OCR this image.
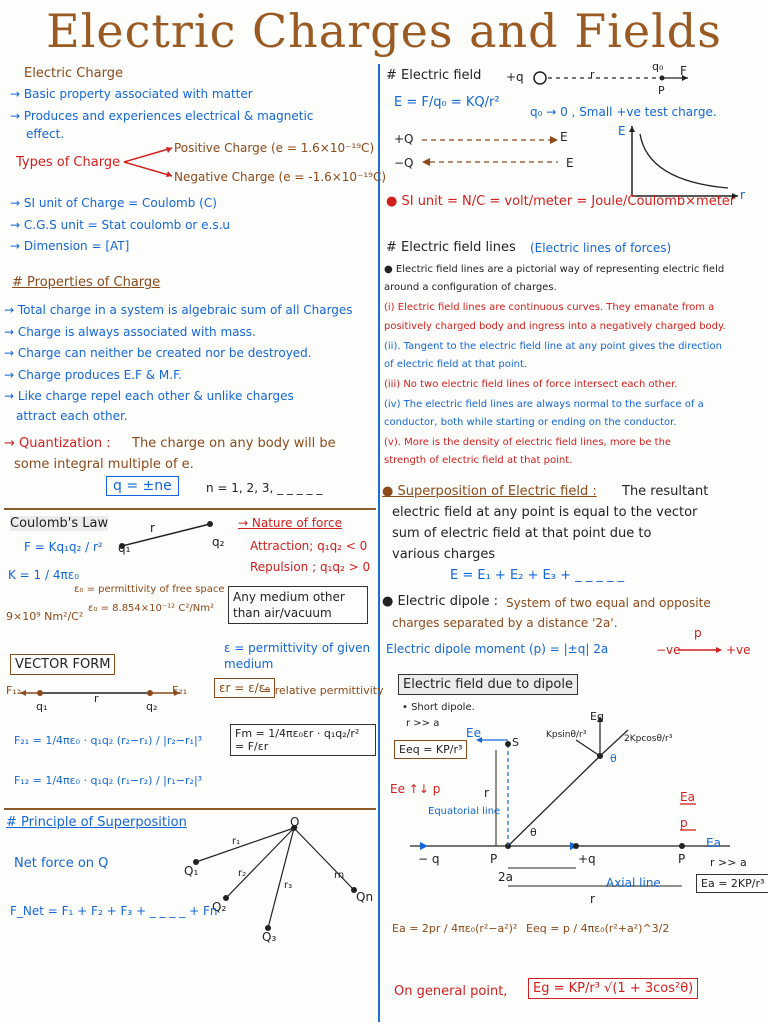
Electric Charges and Fields
Electric Charge
→ Basic property associated with matter
→ Produces and experiences electrical & magnetic
effect.
Types of Charge
Positive Charge (e = 1.6×10⁻¹⁹C)
Negative Charge (e = -1.6×10⁻¹⁹C)
→ SI unit of Charge = Coulomb (C)
→ C.G.S unit = Stat coulomb or e.s.u
→ Dimension = [AT]
# Properties of Charge
→ Total charge in a system is algebraic sum of all Charges
→ Charge is always associated with mass.
→ Charge can neither be created nor be destroyed.
→ Charge produces E.F & M.F.
→ Like charge repel each other & unlike charges
attract each other.
→ Quantization : The charge on any body will be
some integral multiple of e.
q = ±ne	n = 1, 2, 3, _ _ _ _ _
Coulomb's Law
F = Kq₁q₂ / r²
r
q₁	q₂
→ Nature of force
Attraction; q₁q₂ < 0
Repulsion ; q₁q₂ > 0
K = 1 / 4πε₀
ε₀ = permittivity of free space
ε₀ = 8.854×10⁻¹² C²/Nm²
9×10⁹ Nm²/C²
Any medium other than air/vacuum
ε = permittivity of given medium
VECTOR FORM
εr = ε/ε₀
= relative permittivity
F₁₂	F₂₁
q₁
r
q₂
F₂₁ = 1/4πε₀ · q₁q₂ (r₂−r₁) / |r₂−r₁|³
F₁₂ = 1/4πε₀ · q₁q₂ (r₁−r₂) / |r₁−r₂|³
Fm = 1/4πε₀εr · q₁q₂/r² = F/εr
# Principle of Superposition
Net force on Q
Q
Q₁
Q₂
Q₃
Qn
r₁
r₂
r₃
rn
F_Net = F₁ + F₂ + F₃ + _ _ _ _ + Fn
# Electric field +q	r
q₀
P
F
E = F/q₀ = KQ/r²
q₀ → 0 , Small +ve test charge.
+Q
−Q
E
E
E
r
● SI unit = N/C = volt/meter = Joule/Coulomb×meter
# Electric field lines (Electric lines of forces)
● Electric field lines are a pictorial way of representing electric field
around a configuration of charges.
(i) Electric field lines are continuous curves. They emanate from a
positively charged body and ingress into a negatively charged body.
(ii). Tangent to the electric field line at any point gives the direction
of electric field at that point.
(iii) No two electric field lines of force intersect each other.
(iv) The electric field lines are always normal to the surface of a
conductor, both while starting or ending on the conductor.
(v). More is the density of electric field lines, more be the
strength of electric field at that point.
● Superposition of Electric field : The resultant
electric field at any point is equal to the vector
sum of electric field at that point due to
various charges
E = E₁ + E₂ + E₃ + _ _ _ _ _
● Electric dipole : System of two equal and opposite
charges separated by a distance '2a'.
Electric dipole moment (p) = |±q| 2a	−ve
p
+ve
Electric field due to dipole
• Short dipole.
r >> a
Eeq = KP/r³
Ee ↑↓ p
Ee
S
Equatorial line
Kpsinθ/r³	2Kpcosθ/r³
Eg
θ
θ
r	Ea
p
Ea
− q	P	+q	P r >> a
2a	Axial line
r
Ea = 2KP/r³
Ea = 2pr / 4πε₀(r²−a²)² Eeq = p / 4πε₀(r²+a²)^3/2
On general point,	Eg = KP/r³ √(1 + 3cos²θ)
